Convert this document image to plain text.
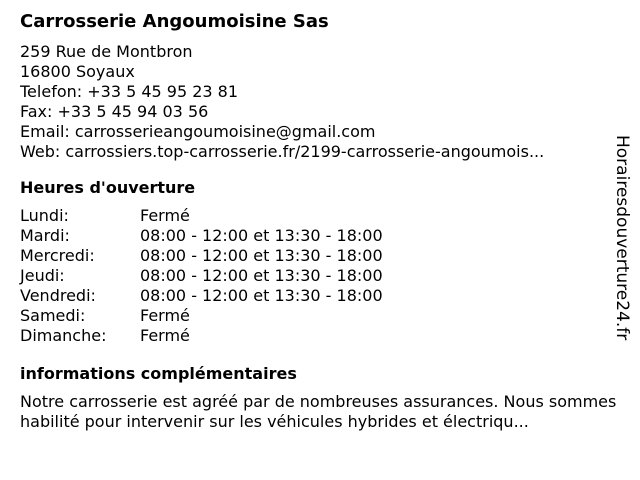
Carrosserie Angoumoisine Sas
259 Rue de Montbron
16800 Soyaux
Telefon: +33 5 45 95 23 81
Fax: +33 5 45 94 03 56
Email: carrosserieangoumoisine@gmail.com
Web: carrossiers.top-carrosserie.fr/2199-carrosserie-angoumois...
Heures d'ouverture
Lundi:	Fermé
Mardi:	08:00 - 12:00 et 13:30 - 18:00
Mercredi:	08:00 - 12:00 et 13:30 - 18:00
Jeudi:	08:00 - 12:00 et 13:30 - 18:00
Vendredi:	08:00 - 12:00 et 13:30 - 18:00
Samedi:	Fermé
Dimanche:	Fermé
informations complémentaires
Notre carrosserie est agréé par de nombreuses assurances. Nous sommes habilité pour intervenir sur les véhicules hybrides et électriqu...
Horairesdouverture24.fr
